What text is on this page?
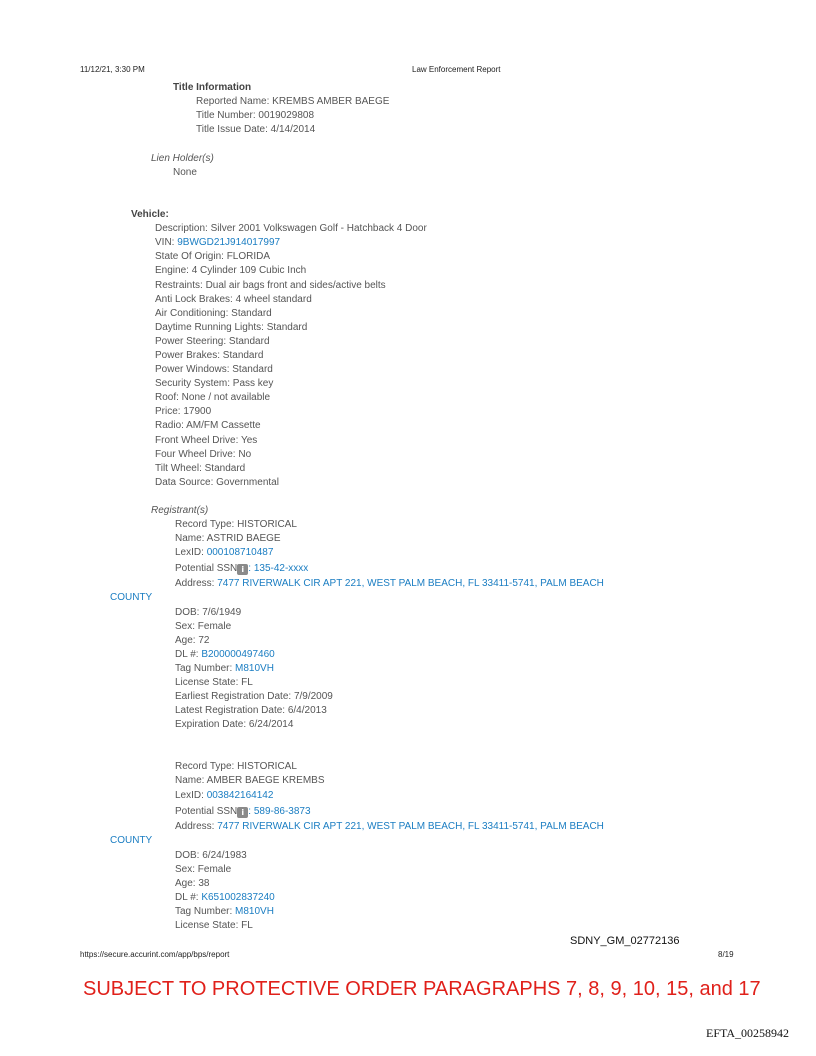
11/12/21, 3:30 PM	Law Enforcement Report
Title Information
Reported Name: KREMBS AMBER BAEGE
Title Number: 0019029808
Title Issue Date: 4/14/2014
Lien Holder(s)
None
Vehicle:
Description: Silver 2001 Volkswagen Golf - Hatchback 4 Door
VIN: 9BWGD21J914017997
State Of Origin: FLORIDA
Engine: 4 Cylinder 109 Cubic Inch
Restraints: Dual air bags front and sides/active belts
Anti Lock Brakes: 4 wheel standard
Air Conditioning: Standard
Daytime Running Lights: Standard
Power Steering: Standard
Power Brakes: Standard
Power Windows: Standard
Security System: Pass key
Roof: None / not available
Price: 17900
Radio: AM/FM Cassette
Front Wheel Drive: Yes
Four Wheel Drive: No
Tilt Wheel: Standard
Data Source: Governmental
Registrant(s)
Record Type: HISTORICAL
Name: ASTRID BAEGE
LexID: 000108710487
Potential SSN i : 135-42-xxxx
Address: 7477 RIVERWALK CIR APT 221, WEST PALM BEACH, FL 33411-5741, PALM BEACH
COUNTY
DOB: 7/6/1949
Sex: Female
Age: 72
DL #: B200000497460
Tag Number: M810VH
License State: FL
Earliest Registration Date: 7/9/2009
Latest Registration Date: 6/4/2013
Expiration Date: 6/24/2014
Record Type: HISTORICAL
Name: AMBER BAEGE KREMBS
LexID: 003842164142
Potential SSN i : 589-86-3873
Address: 7477 RIVERWALK CIR APT 221, WEST PALM BEACH, FL 33411-5741, PALM BEACH
COUNTY
DOB: 6/24/1983
Sex: Female
Age: 38
DL #: K651002837240
Tag Number: M810VH
License State: FL
SDNY_GM_02772136
https://secure.accurint.com/app/bps/report	8/19
SUBJECT TO PROTECTIVE ORDER PARAGRAPHS 7, 8, 9, 10, 15, and 17
EFTA_00258942
